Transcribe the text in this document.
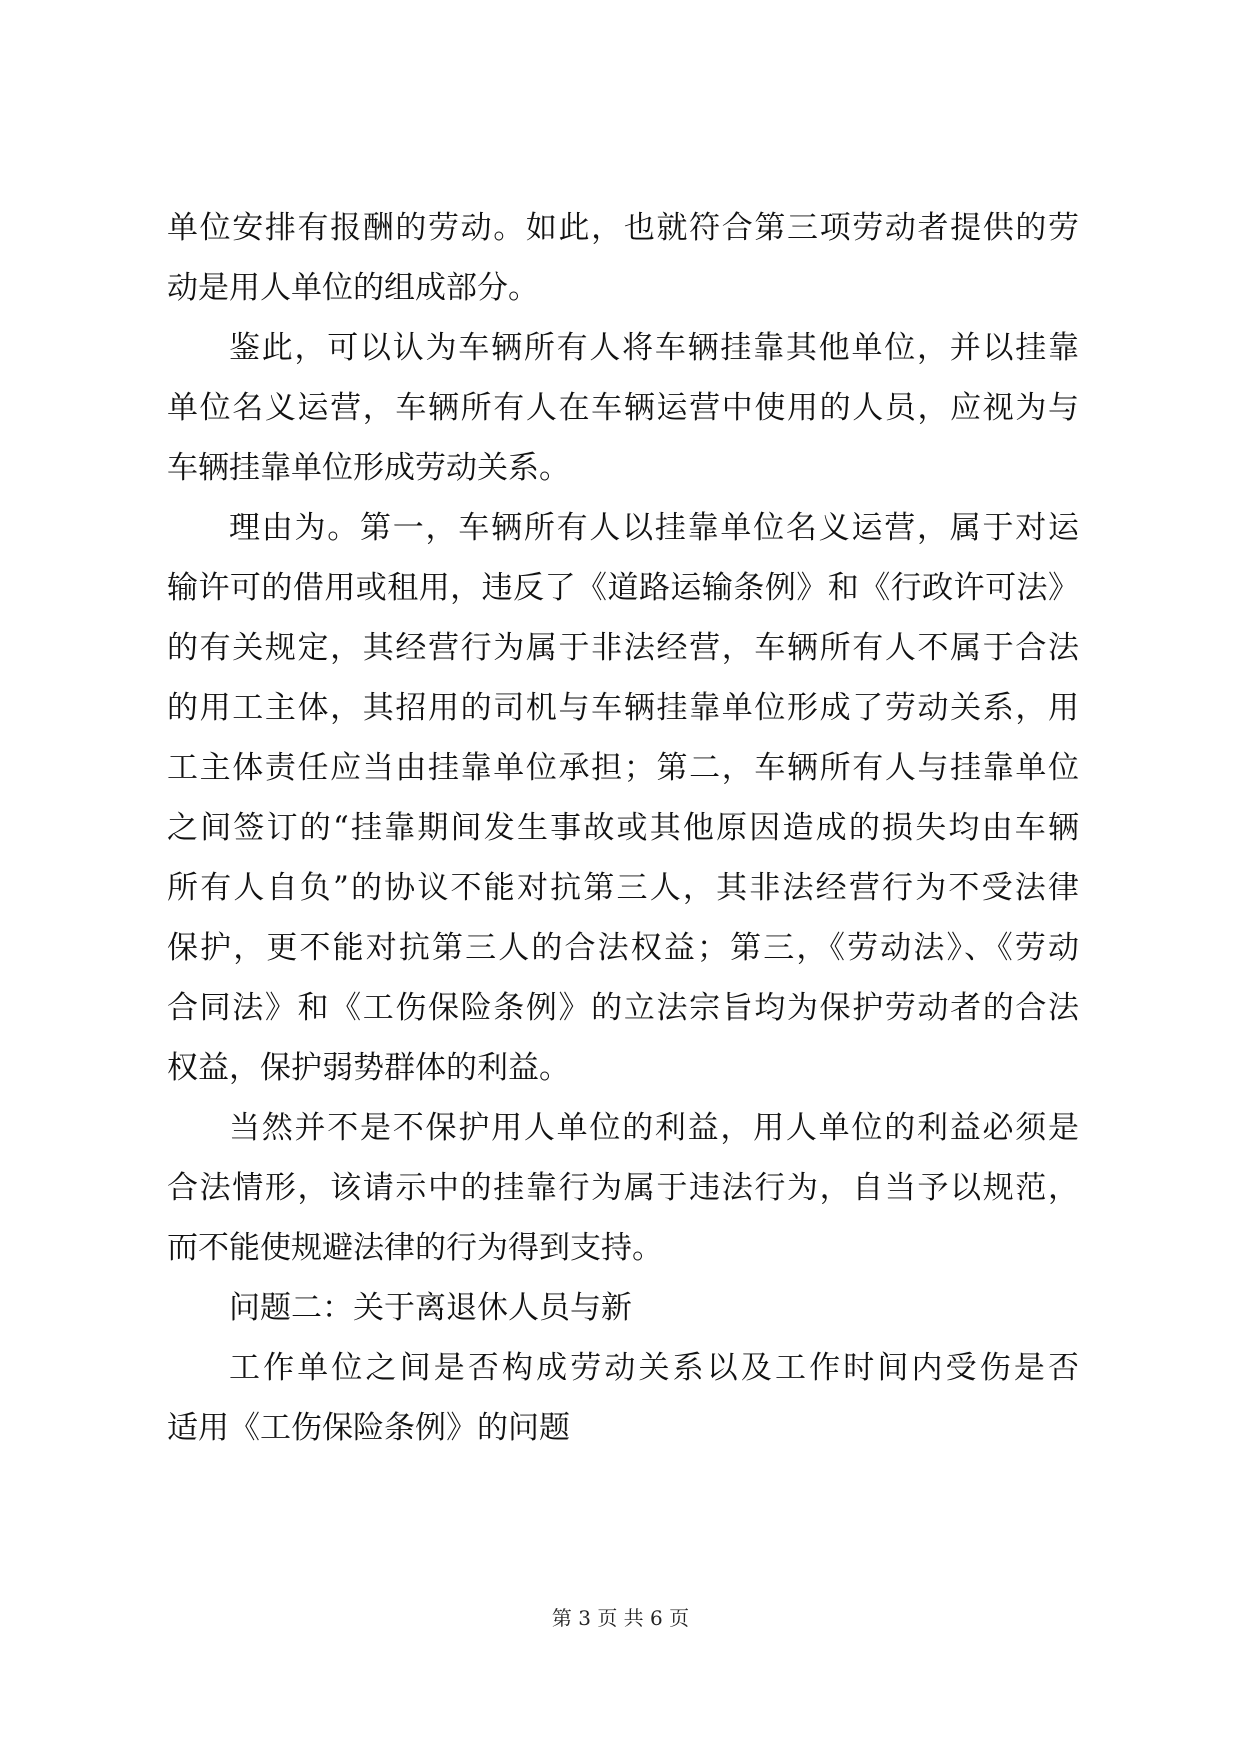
单位安排有报酬的劳动。如此，也就符合第三项劳动者提供的劳
动是用人单位的组成部分。
鉴此，可以认为车辆所有人将车辆挂靠其他单位，并以挂靠
单位名义运营，车辆所有人在车辆运营中使用的人员，应视为与
车辆挂靠单位形成劳动关系。
理由为。第一，车辆所有人以挂靠单位名义运营，属于对运
输许可的借用或租用，违反了《道路运输条例》和《行政许可法》
的有关规定，其经营行为属于非法经营，车辆所有人不属于合法
的用工主体，其招用的司机与车辆挂靠单位形成了劳动关系，用
工主体责任应当由挂靠单位承担；第二，车辆所有人与挂靠单位
之间签订的“挂靠期间发生事故或其他原因造成的损失均由车辆
所有人自负”的协议不能对抗第三人，其非法经营行为不受法律
保护，更不能对抗第三人的合法权益；第三，《劳动法》、《劳动
合同法》和《工伤保险条例》的立法宗旨均为保护劳动者的合法
权益，保护弱势群体的利益。
当然并不是不保护用人单位的利益，用人单位的利益必须是
合法情形，该请示中的挂靠行为属于违法行为，自当予以规范，
而不能使规避法律的行为得到支持。
问题二：关于离退休人员与新
工作单位之间是否构成劳动关系以及工作时间内受伤是否
适用《工伤保险条例》的问题
第 3 页 共 6 页
